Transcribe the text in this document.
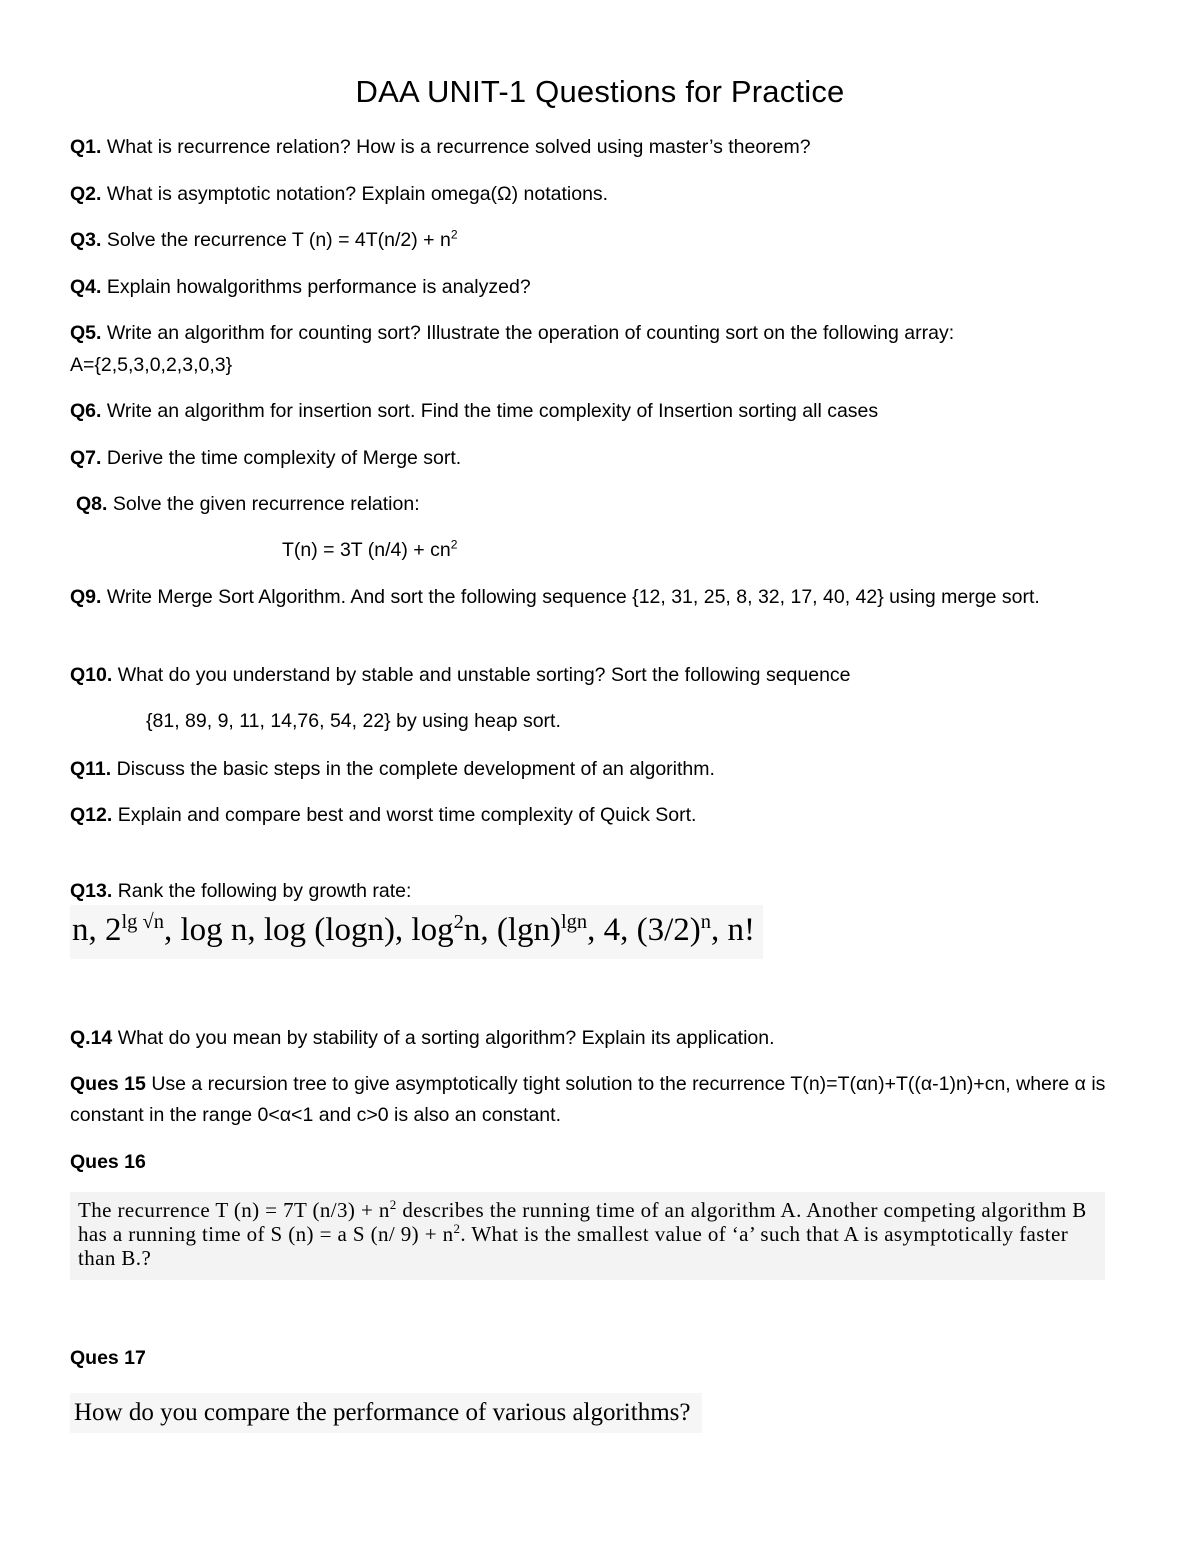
DAA UNIT-1 Questions for Practice
Q1. What is recurrence relation? How is a recurrence solved using master’s theorem?
Q2. What is asymptotic notation? Explain omega(Ω) notations.
Q3. Solve the recurrence T $(n) = 4T(n/2) + n^2$
Q4. Explain howalgorithms performance is analyzed?
Q5. Write an algorithm for counting sort? Illustrate the operation of counting sort on the following array:
A={2,5,3,0,2,3,0,3}
Q6. Write an algorithm for insertion sort. Find the time complexity of Insertion sorting all cases
Q7. Derive the time complexity of Merge sort.
Q8. Solve the given recurrence relation:
T(n) = 3T $(n/4) + cn^2$
Q9. Write Merge Sort Algorithm. And sort the following sequence {12, 31, 25, 8, 32, 17, 40, 42} using merge sort.
Q10. What do you understand by stable and unstable sorting? Sort the following sequence
{81, 89, 9, 11, 14,76, 54, 22} by using heap sort.
Q11. Discuss the basic steps in the complete development of an algorithm.
Q12. Explain and compare best and worst time complexity of Quick Sort.
Q13. Rank the following by growth rate:
n, $2^{lg √n}$, log n, log (logn), $\log^2n$, $(\lg n)^{lgn}$, 4, $(3/2)^n$, n!
Q.14 What do you mean by stability of a sorting algorithm? Explain its application.
Ques 15 Use a recursion tree to give asymptotically tight solution to the recurrence T(n)=T(αn)+T((α-1)n)+cn, where α is constant in the range 0<α<1 and c>0 is also an constant.
Ques 16
The recurrence T (n) = 7T $(n/3) + n^2$ describes the running time of an algorithm A. Another competing algorithm B has a running time of S (n) = a S (n/ $9) + n^2$. What is the smallest value of ‘a’ such that A is asymptotically faster than B.?
Ques 17
How do you compare the performance of various algorithms?
